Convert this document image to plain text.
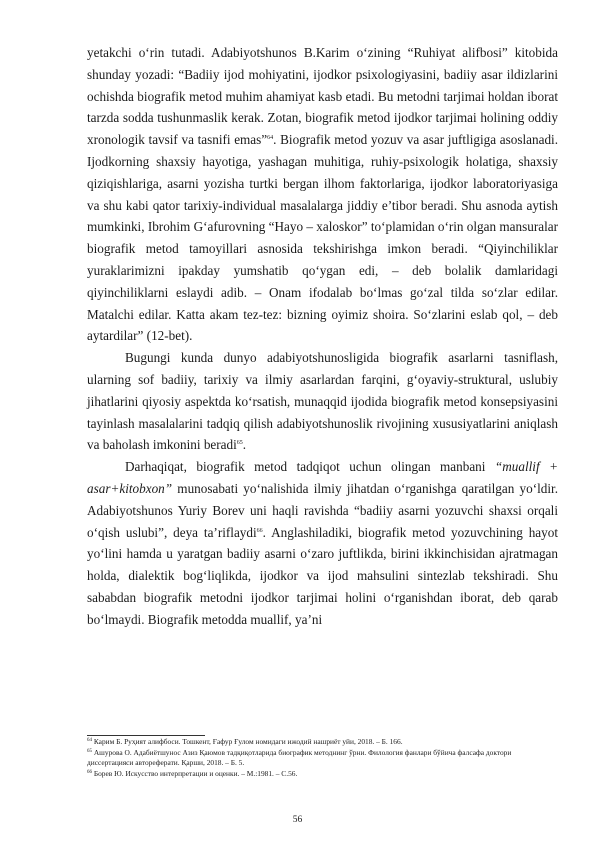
yetakchi o‘rin tutadi. Adabiyotshunos B.Karim o‘zining “Ruhiyat alifbosi” kitobida shunday yozadi: “Badiiy ijod mohiyatini, ijodkor psixologiyasini, badiiy asar ildizlarini ochishda biografik metod muhim ahamiyat kasb etadi. Bu metodni tarjimai holdan iborat tarzda sodda tushunmaslik kerak. Zotan, biografik metod ijodkor tarjimai holining oddiy xronologik tavsif va tasnifi emas”$^{64}$. Biografik metod yozuv va asar juftligiga asoslanadi. Ijodkorning shaxsiy hayotiga, yashagan muhitiga, ruhiy-psixologik holatiga, shaxsiy qiziqishlariga, asarni yozisha turtki bergan ilhom faktorlariga, ijodkor laboratoriyasiga va shu kabi qator tarixiy-individual masalalarga jiddiy e’tibor beradi. Shu asnoda aytish mumkinki, Ibrohim G‘afurovning “Hayo – xaloskor” to‘plamidan o‘rin olgan mansuralar biografik metod tamoyillari asnosida tekshirishga imkon beradi. “Qiyinchiliklar yuraklarimizni ipakday yumshatib qo‘ygan edi, – deb bolalik damlaridagi qiyinchiliklarni eslaydi adib. – Onam ifodalab bo‘lmas go‘zal tilda so‘zlar edilar. Matalchi edilar. Katta akam tez-tez: bizning oyimiz shoira. So‘zlarini eslab qol, – deb aytardilar” (12-bet).

Bugungi kunda dunyo adabiyotshunosligida biografik asarlarni tasniflash, ularning sof badiiy, tarixiy va ilmiy asarlardan farqini, g‘oyaviy-struktural, uslubiy jihatlarini qiyosiy aspektda ko‘rsatish, munaqqid ijodida biografik metod konsepsiyasini tayinlash masalalarini tadqiq qilish adabiyotshunoslik rivojining xususiyatlarini aniqlash va baholash imkonini beradi$^{65}$.

Darhaqiqat, biografik metod tadqiqot uchun olingan manbani “muallif + asar+kitobxon” munosabati yo‘nalishida ilmiy jihatdan o‘rganishga qaratilgan yo‘ldir. Adabiyotshunos Yuriy Borev uni haqli ravishda “badiiy asarni yozuvchi shaxsi orqali o‘qish uslubi”, deya ta’riflaydi$^{66}$. Anglashiladiki, biografik metod yozuvchining hayot yo‘lini hamda u yaratgan badiiy asarni o‘zaro juftlikda, birini ikkinchisidan ajratmagan holda, dialektik bog‘liqlikda, ijodkor va ijod mahsulini sintezlab tekshiradi. Shu sababdan biografik metodni ijodkor tarjimai holini o‘rganishdan iborat, deb qarab bo‘lmaydi. Biografik metodda muallif, ya’ni

$^{64}$ Карим Б. Руҳият алифбоси. Тошкент, Ғафур Ғулом номидаги ижодий нашриёт уйи, 2018. – Б. 166.

$^{65}$ Ашурова О. Адабиётшунос Азиз Қаюмов тадқиқотларида биографик методнинг ўрни. Филология фанлари бўйича фалсафа доктори диссертацияси автореферати. Қарши, 2018. – Б. 5.

$^{66}$ Борев Ю. Искусство интерпретации и оценки. – М.:1981. – С.56.

56
